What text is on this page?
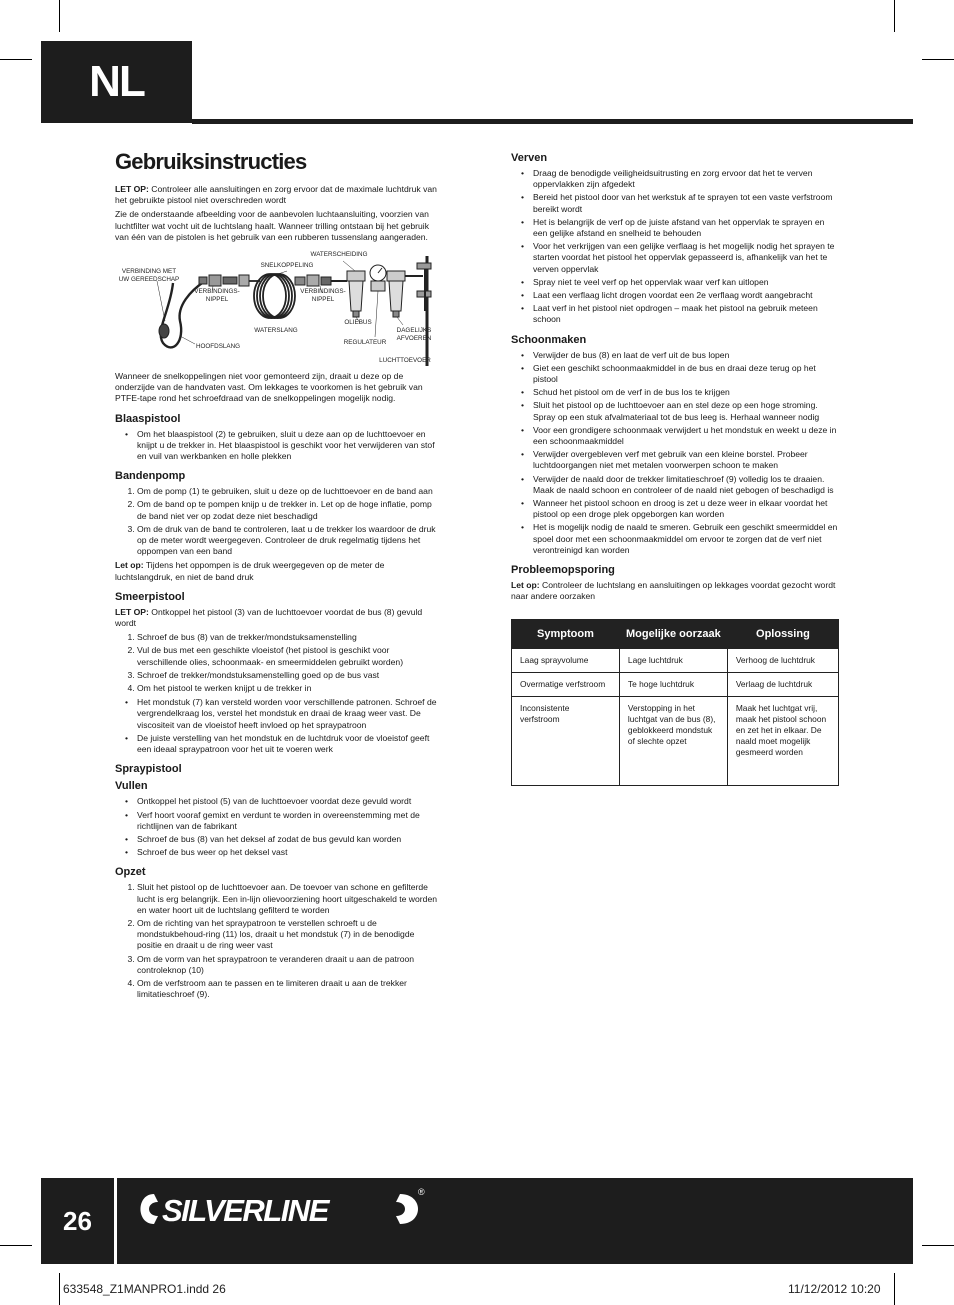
NL
Gebruiksinstructies

LET OP: Controleer alle aansluitingen en zorg ervoor dat de maximale luchtdruk van het gebruikte pistool niet overschreden wordt

Zie de onderstaande afbeelding voor de aanbevolen luchtaansluiting, voorzien van luchtfilter wat vocht uit de luchtslang haalt. Wanneer trilling ontstaan bij het gebruik van één van de pistolen is het gebruik van een rubberen tussenslang aangeraden.

VERBINDING MET
UW GEREEDSCHAP
VERBINDINGS-
NIPPEL
SNELKOPPELING
WATERSCHEIDING
VERBINDINGS-
NIPPEL
WATERSLANG
OLIEBUS
REGULATEUR
DAGELIJKS
AFVOEREN
HOOFDSLANG
LUCHTTOEVOER

Wanneer de snelkoppelingen niet voor gemonteerd zijn, draait u deze op de onderzijde van de handvaten vast. Om lekkages te voorkomen is het gebruik van PTFE-tape rond het schroefdraad van de snelkoppelingen mogelijk nodig.

Blaaspistool
• Om het blaaspistool (2) te gebruiken, sluit u deze aan op de luchttoevoer en knijpt u de trekker in. Het blaaspistool is geschikt voor het verwijderen van stof en vuil van werkbanken en holle plekken
Bandenpomp
1. Om de pomp (1) te gebruiken, sluit u deze op de luchttoevoer en de band aan
2. Om de band op te pompen knijp u de trekker in. Let op de hoge inflatie, pomp de band niet ver op zodat deze niet beschadigd
3. Om de druk van de band te controleren, laat u de trekker los waardoor de druk op de meter wordt weergegeven. Controleer de druk regelmatig tijdens het oppompen van een band

Let op: Tijdens het oppompen is de druk weergegeven op de meter de luchtslangdruk, en niet de band druk

Smeerpistool

LET OP: Ontkoppel het pistool (3) van de luchttoevoer voordat de bus (8) gevuld wordt

1. Schroef de bus (8) van de trekker/mondstuksamenstelling
2. Vul de bus met een geschikte vloeistof (het pistool is geschikt voor verschillende olies, schoonmaak- en smeermiddelen gebruikt worden)
3. Schroef de trekker/mondstuksamenstelling goed op de bus vast
4. Om het pistool te werken knijpt u de trekker in
• Het mondstuk (7) kan versteld worden voor verschillende patronen. Schroef de vergrendelkraag los, verstel het mondstuk en draai de kraag weer vast. De viscositeit van de vloeistof heeft invloed op het spraypatroon
• De juiste verstelling van het mondstuk en de luchtdruk voor de vloeistof geeft een ideaal spraypatroon voor het uit te voeren werk
Spraypistool
Vullen
• Ontkoppel het pistool (5) van de luchttoevoer voordat deze gevuld wordt
• Verf hoort vooraf gemixt en verdunt te worden in overeenstemming met de richtlijnen van de fabrikant
• Schroef de bus (8) van het deksel af zodat de bus gevuld kan worden
• Schroef de bus weer op het deksel vast
Opzet
1. Sluit het pistool op de luchttoevoer aan. De toevoer van schone en gefilterde lucht is erg belangrijk. Een in-lijn olievoorziening hoort uitgeschakeld te worden en water hoort uit de luchtslang gefilterd te worden
2. Om de richting van het spraypatroon te verstellen schroeft u de mondstukbehoud-ring (11) los, draait u het mondstuk (7) in de benodigde positie en draait u de ring weer vast
3. Om de vorm van het spraypatroon te veranderen draait u aan de patroon controleknop (10)
4. Om de verfstroom aan te passen en te limiteren draait u aan de trekker limitatieschroef (9).
Verven
• Draag de benodigde veiligheidsuitrusting en zorg ervoor dat het te verven oppervlakken zijn afgedekt
• Bereid het pistool door van het werkstuk af te sprayen tot een vaste verfstroom bereikt wordt
• Het is belangrijk de verf op de juiste afstand van het oppervlak te sprayen en een gelijke afstand en snelheid te behouden
• Voor het verkrijgen van een gelijke verflaag is het mogelijk nodig het sprayen te starten voordat het pistool het oppervlak gepasseerd is, afhankelijk van het te verven oppervlak
• Spray niet te veel verf op het oppervlak waar verf kan uitlopen
• Laat een verflaag licht drogen voordat een 2e verflaag wordt aangebracht
• Laat verf in het pistool niet opdrogen – maak het pistool na gebruik meteen schoon
Schoonmaken
• Verwijder de bus (8) en laat de verf uit de bus lopen
• Giet een geschikt schoonmaakmiddel in de bus en draai deze terug op het pistool
• Schud het pistool om de verf in de bus los te krijgen
• Sluit het pistool op de luchttoevoer aan en stel deze op een hoge stroming. Spray op een stuk afvalmateriaal tot de bus leeg is. Herhaal wanneer nodig
• Voor een grondigere schoonmaak verwijdert u het mondstuk en weekt u deze in een schoonmaakmiddel
• Verwijder overgebleven verf met gebruik van een kleine borstel. Probeer luchtdoorgangen niet met metalen voorwerpen schoon te maken
• Verwijder de naald door de trekker limitatieschroef (9) volledig los te draaien. Maak de naald schoon en controleer of de naald niet gebogen of beschadigd is
• Wanneer het pistool schoon en droog is zet u deze weer in elkaar voordat het pistool op een droge plek opgeborgen kan worden
• Het is mogelijk nodig de naald te smeren. Gebruik een geschikt smeermiddel en spoel door met een schoonmaakmiddel om ervoor te zorgen dat de verf niet verontreinigd kan worden
Probleemopsporing

Let op: Controleer de luchtslang en aansluitingen op lekkages voordat gezocht wordt naar andere oorzaken

Symptoom	Mogelijke oorzaak	Oplossing
Laag sprayvolume	Lage luchtdruk	Verhoog de luchtdruk
Overmatige verfstroom	Te hoge luchtdruk	Verlaag de luchtdruk
Inconsistente verfstroom	Verstopping in het luchtgat van de bus (8), geblokkeerd mondstuk of slechte opzet	Maak het luchtgat vrij, maak het pistool schoon en zet het in elkaar. De naald moet mogelijk gesmeerd worden
26	SILVERLINE
®
633548_Z1MANPRO1.indd 26	11/12/2012 10:20
